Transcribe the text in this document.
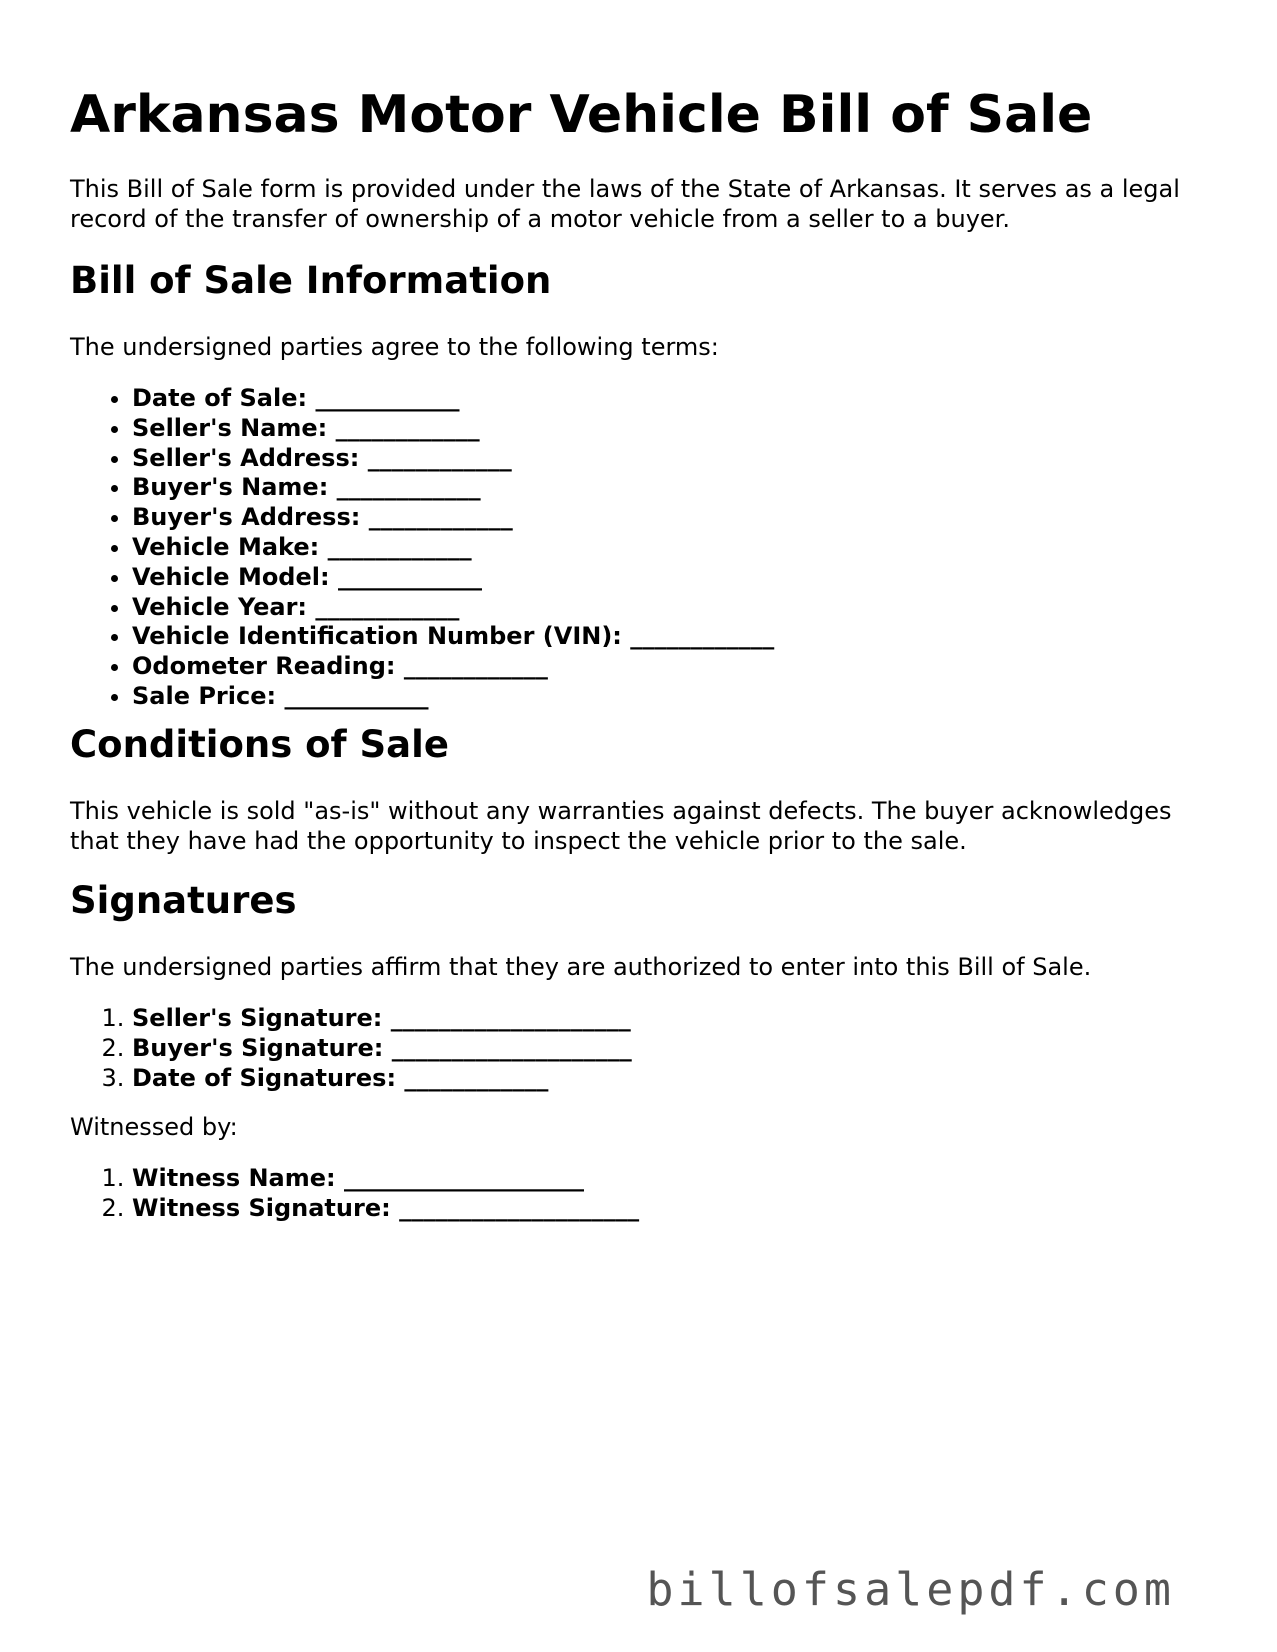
Arkansas Motor Vehicle Bill of Sale

This Bill of Sale form is provided under the laws of the State of Arkansas. It serves as a legal record of the transfer of ownership of a motor vehicle from a seller to a buyer.

Bill of Sale Information

The undersigned parties agree to the following terms:

• Date of Sale: ____________
• Seller's Name: ____________
• Seller's Address: ____________
• Buyer's Name: ____________
• Buyer's Address: ____________
• Vehicle Make: ____________
• Vehicle Model: ____________
• Vehicle Year: ____________
• Vehicle Identification Number (VIN): ____________
• Odometer Reading: ____________
• Sale Price: ____________
Conditions of Sale

This vehicle is sold "as-is" without any warranties against defects. The buyer acknowledges that they have had the opportunity to inspect the vehicle prior to the sale.

Signatures

The undersigned parties affirm that they are authorized to enter into this Bill of Sale.

1. Seller's Signature: ____________________
2. Buyer's Signature: ____________________
3. Date of Signatures: ____________

Witnessed by:

1. Witness Name: ____________________
2. Witness Signature: ____________________
billofsalepdf.com
